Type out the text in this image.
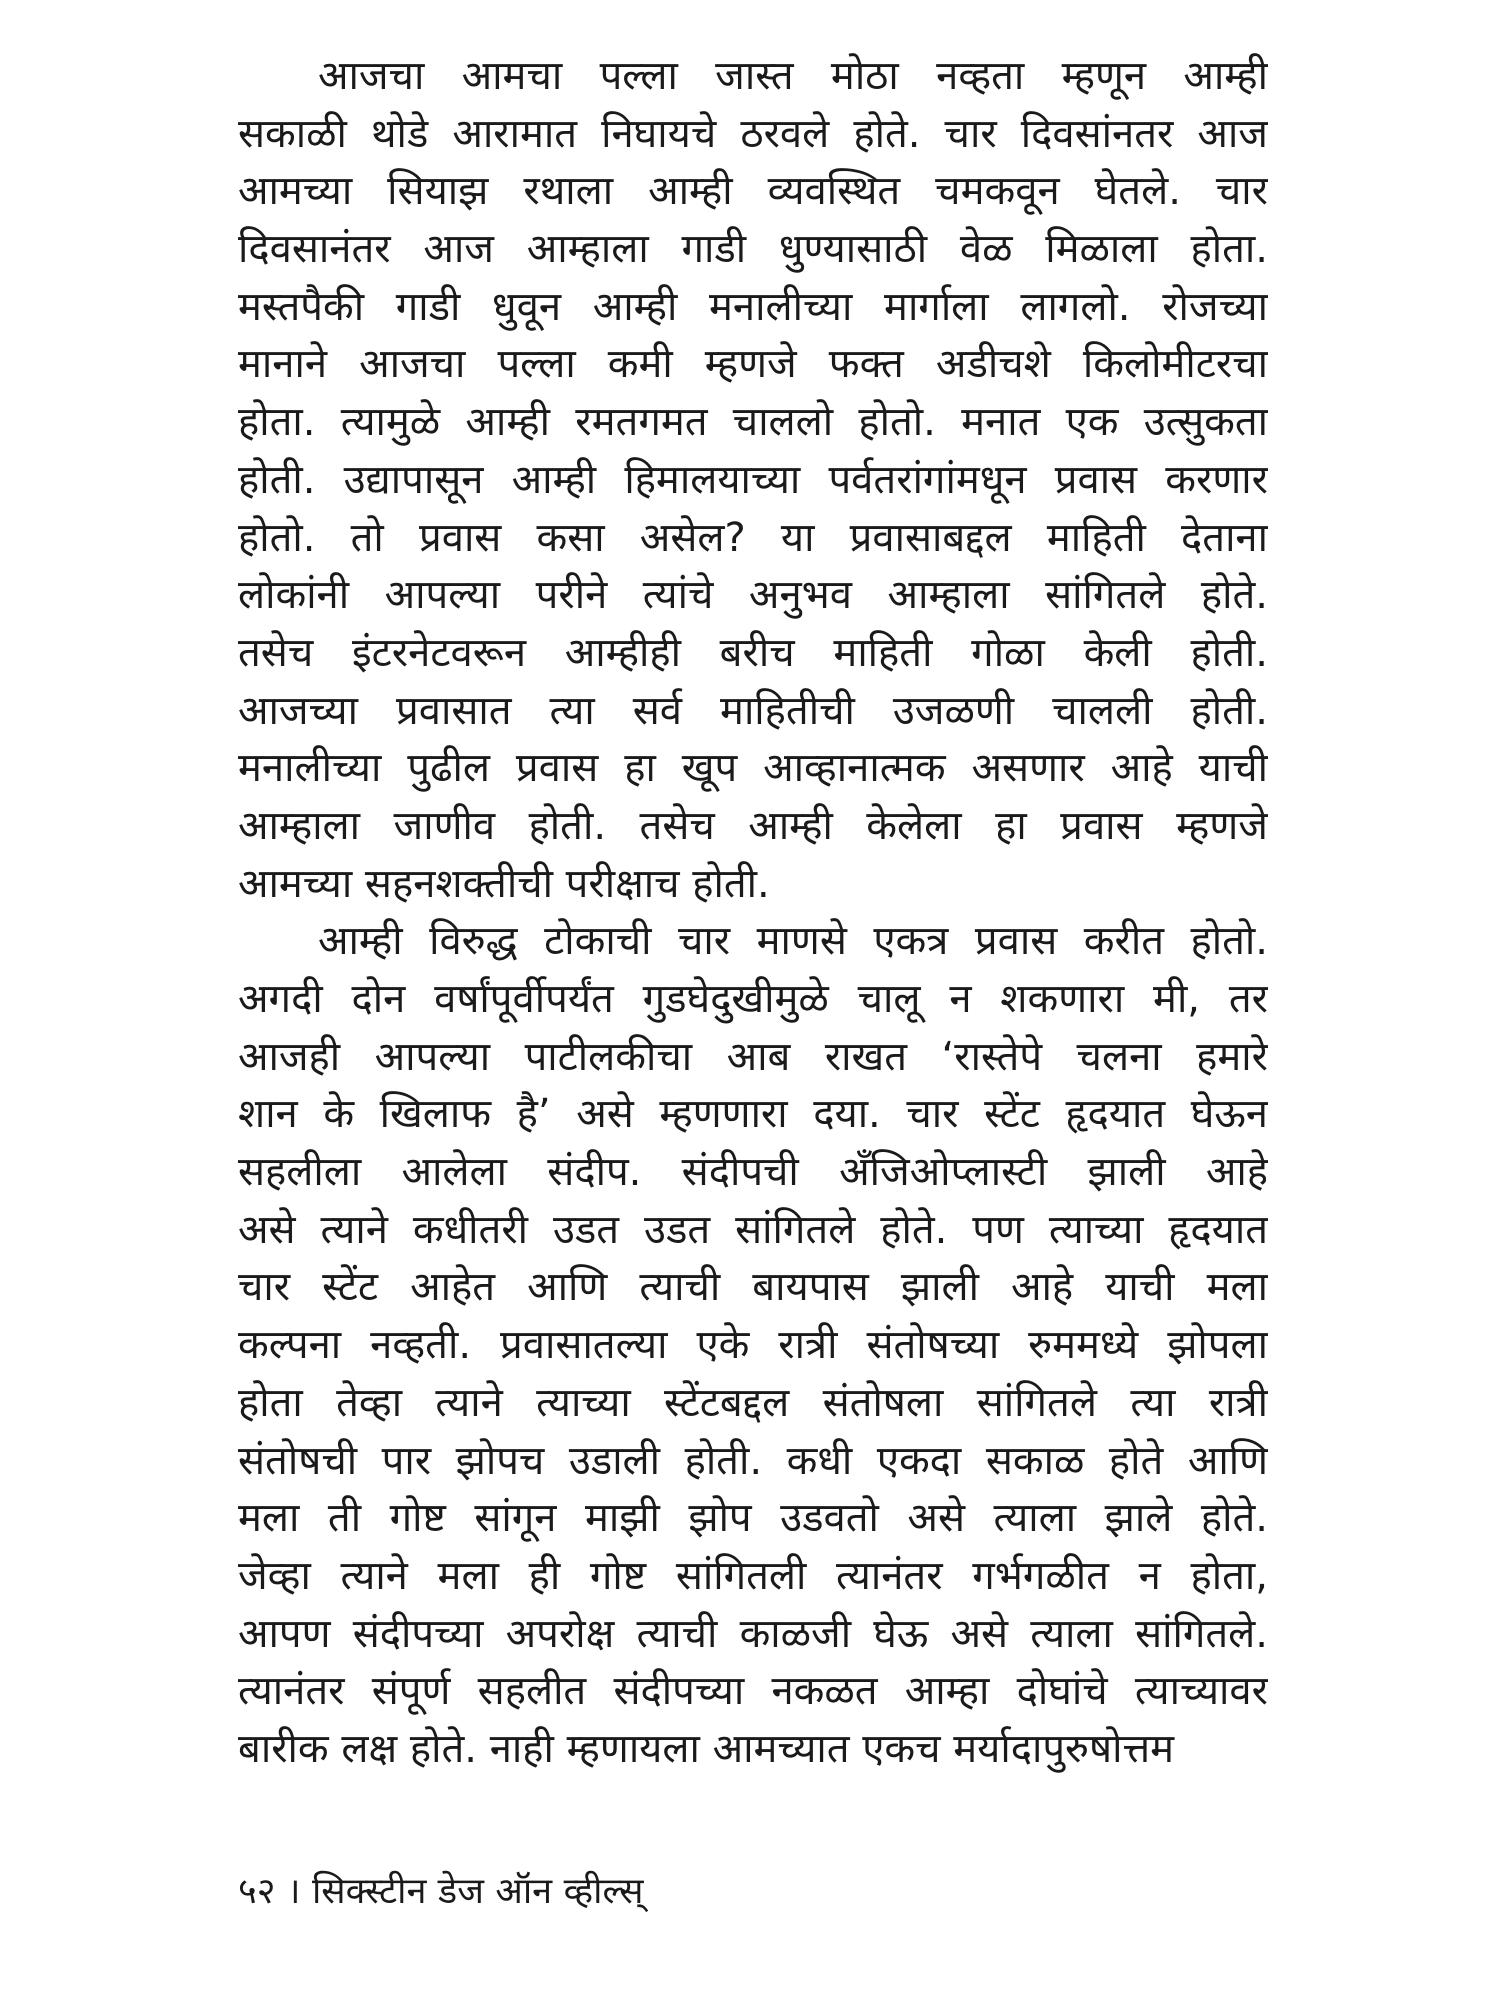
आजचा आमचा पल्ला जास्त मोठा नव्हता म्हणून आम्ही
सकाळी थोडे आरामात निघायचे ठरवले होते. चार दिवसांनतर आज
आमच्या सियाझ रथाला आम्ही व्यवस्थित चमकवून घेतले. चार
दिवसानंतर आज आम्हाला गाडी धुण्यासाठी वेळ मिळाला होता.
मस्तपैकी गाडी धुवून आम्ही मनालीच्या मार्गाला लागलो. रोजच्या
मानाने आजचा पल्ला कमी म्हणजे फक्त अडीचशे किलोमीटरचा
होता. त्यामुळे आम्ही रमतगमत चाललो होतो. मनात एक उत्सुकता
होती. उद्यापासून आम्ही हिमालयाच्या पर्वतरांगांमधून प्रवास करणार
होतो. तो प्रवास कसा असेल? या प्रवासाबद्दल माहिती देताना
लोकांनी आपल्या परीने त्यांचे अनुभव आम्हाला सांगितले होते.
तसेच इंटरनेटवरून आम्हीही बरीच माहिती गोळा केली होती.
आजच्या प्रवासात त्या सर्व माहितीची उजळणी चालली होती.
मनालीच्या पुढील प्रवास हा खूप आव्हानात्मक असणार आहे याची
आम्हाला जाणीव होती. तसेच आम्ही केलेला हा प्रवास म्हणजे
आमच्या सहनशक्तीची परीक्षाच होती.
आम्ही विरुद्ध टोकाची चार माणसे एकत्र प्रवास करीत होतो.
अगदी दोन वर्षांपूर्वीपर्यंत गुडघेदुखीमुळे चालू न शकणारा मी, तर
आजही आपल्या पाटीलकीचा आब राखत ‘रास्तेपे चलना हमारे
शान के खिलाफ है’ असे म्हणणारा दया. चार स्टेंट हृदयात घेऊन
सहलीला आलेला संदीप. संदीपची अँजिओप्लास्टी झाली आहे
असे त्याने कधीतरी उडत उडत सांगितले होते. पण त्याच्या हृदयात
चार स्टेंट आहेत आणि त्याची बायपास झाली आहे याची मला
कल्पना नव्हती. प्रवासातल्या एके रात्री संतोषच्या रुममध्ये झोपला
होता तेव्हा त्याने त्याच्या स्टेंटबद्दल संतोषला सांगितले त्या रात्री
संतोषची पार झोपच उडाली होती. कधी एकदा सकाळ होते आणि
मला ती गोष्ट सांगून माझी झोप उडवतो असे त्याला झाले होते.
जेव्हा त्याने मला ही गोष्ट सांगितली त्यानंतर गर्भगळीत न होता,
आपण संदीपच्या अपरोक्ष त्याची काळजी घेऊ असे त्याला सांगितले.
त्यानंतर संपूर्ण सहलीत संदीपच्या नकळत आम्हा दोघांचे त्याच्यावर
बारीक लक्ष होते. नाही म्हणायला आमच्यात एकच मर्यादापुरुषोत्तम
५२ । सिक्स्टीन डेज ऑन व्हील्स्
